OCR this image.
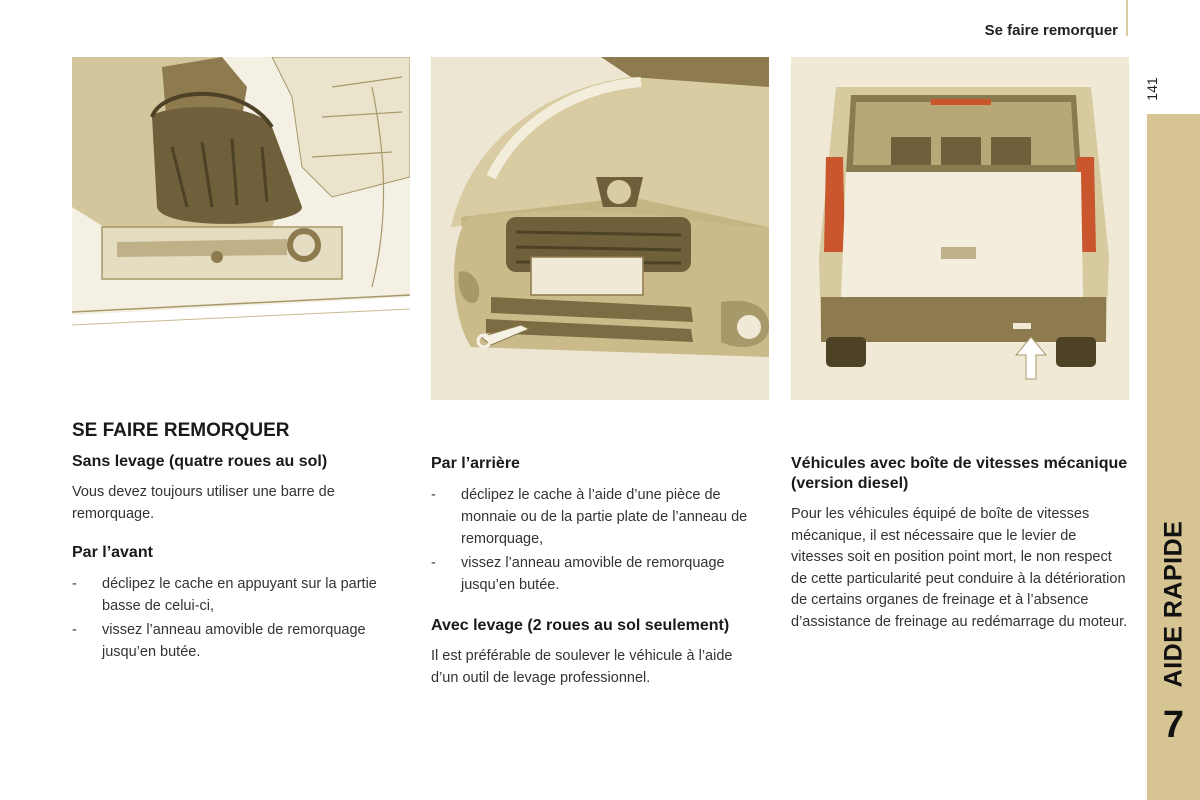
Se faire remorquer
141
AIDE RAPIDE
7
SE FAIRE REMORQUER
Sans levage (quatre roues au sol)

Vous devez toujours utiliser une barre de remorquage.

Par l’avant
- déclipez le cache en appuyant sur la partie basse de celui-ci,
- vissez l’anneau amovible de remorquage jusqu’en butée.
Par l’arrière
- déclipez le cache à l’aide d’une pièce de monnaie ou de la partie plate de l’anneau de remorquage,
- vissez l’anneau amovible de remorquage jusqu’en butée.
Avec levage (2 roues au sol seulement)

Il est préférable de soulever le véhicule à l’aide d’un outil de levage professionnel.

Véhicules avec boîte de vitesses mécanique (version diesel)

Pour les véhicules équipé de boîte de vitesses mécanique, il est nécessaire que le levier de vitesses soit en position point mort, le non respect de cette particularité peut conduire à la détérioration de certains organes de freinage et à l’absence d’assistance de freinage au redémarrage du moteur.
